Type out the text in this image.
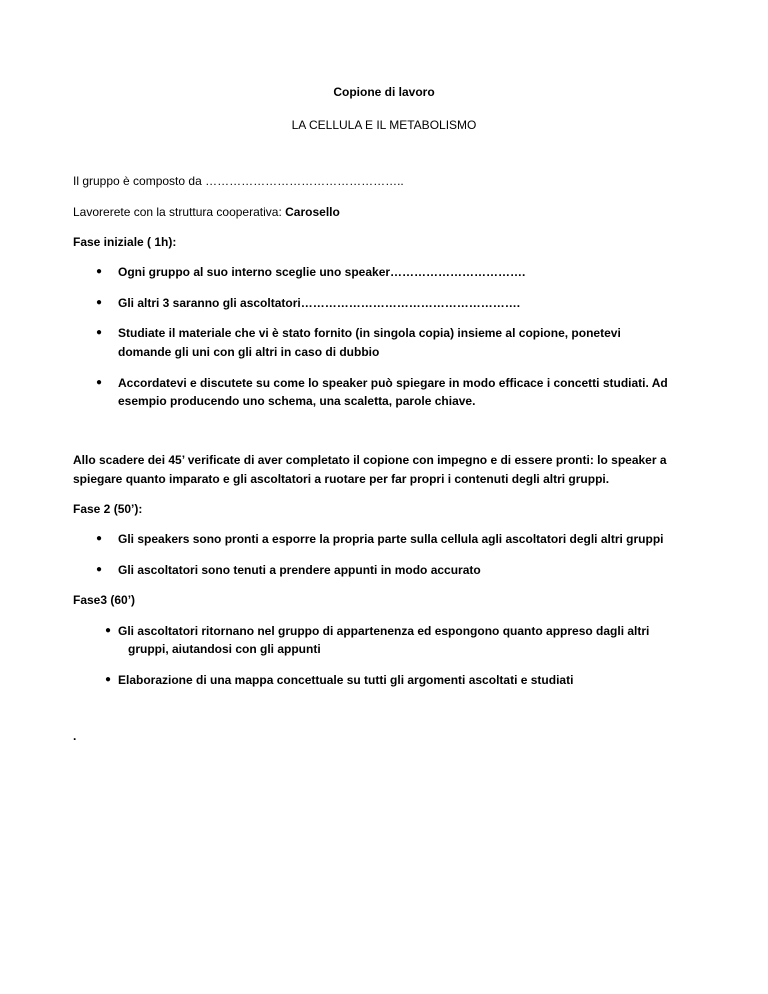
Copione di lavoro
LA CELLULA E IL METABOLISMO
Il gruppo è composto da …………………………………………..
Lavorerete con la struttura cooperativa: Carosello
Fase iniziale ( 1h):
● Ogni gruppo al suo interno sceglie uno speaker…………………………….
● Gli altri 3 saranno gli ascoltatori……………………………………………….
● Studiate il materiale che vi è stato fornito (in singola copia) insieme al copione, ponetevi
domande gli uni con gli altri in caso di dubbio
● Accordatevi e discutete su come lo speaker può spiegare in modo efficace i concetti studiati. Ad
esempio producendo uno schema, una scaletta, parole chiave.
Allo scadere dei 45’ verificate di aver completato il copione con impegno e di essere pronti: lo speaker a
spiegare quanto imparato e gli ascoltatori a ruotare per far propri i contenuti degli altri gruppi.
Fase 2 (50’):
● Gli speakers sono pronti a esporre la propria parte sulla cellula agli ascoltatori degli altri gruppi
● Gli ascoltatori sono tenuti a prendere appunti in modo accurato
Fase3 (60’)
● Gli ascoltatori ritornano nel gruppo di appartenenza ed espongono quanto appreso dagli altri
gruppi, aiutandosi con gli appunti
● Elaborazione di una mappa concettuale su tutti gli argomenti ascoltati e studiati
.
